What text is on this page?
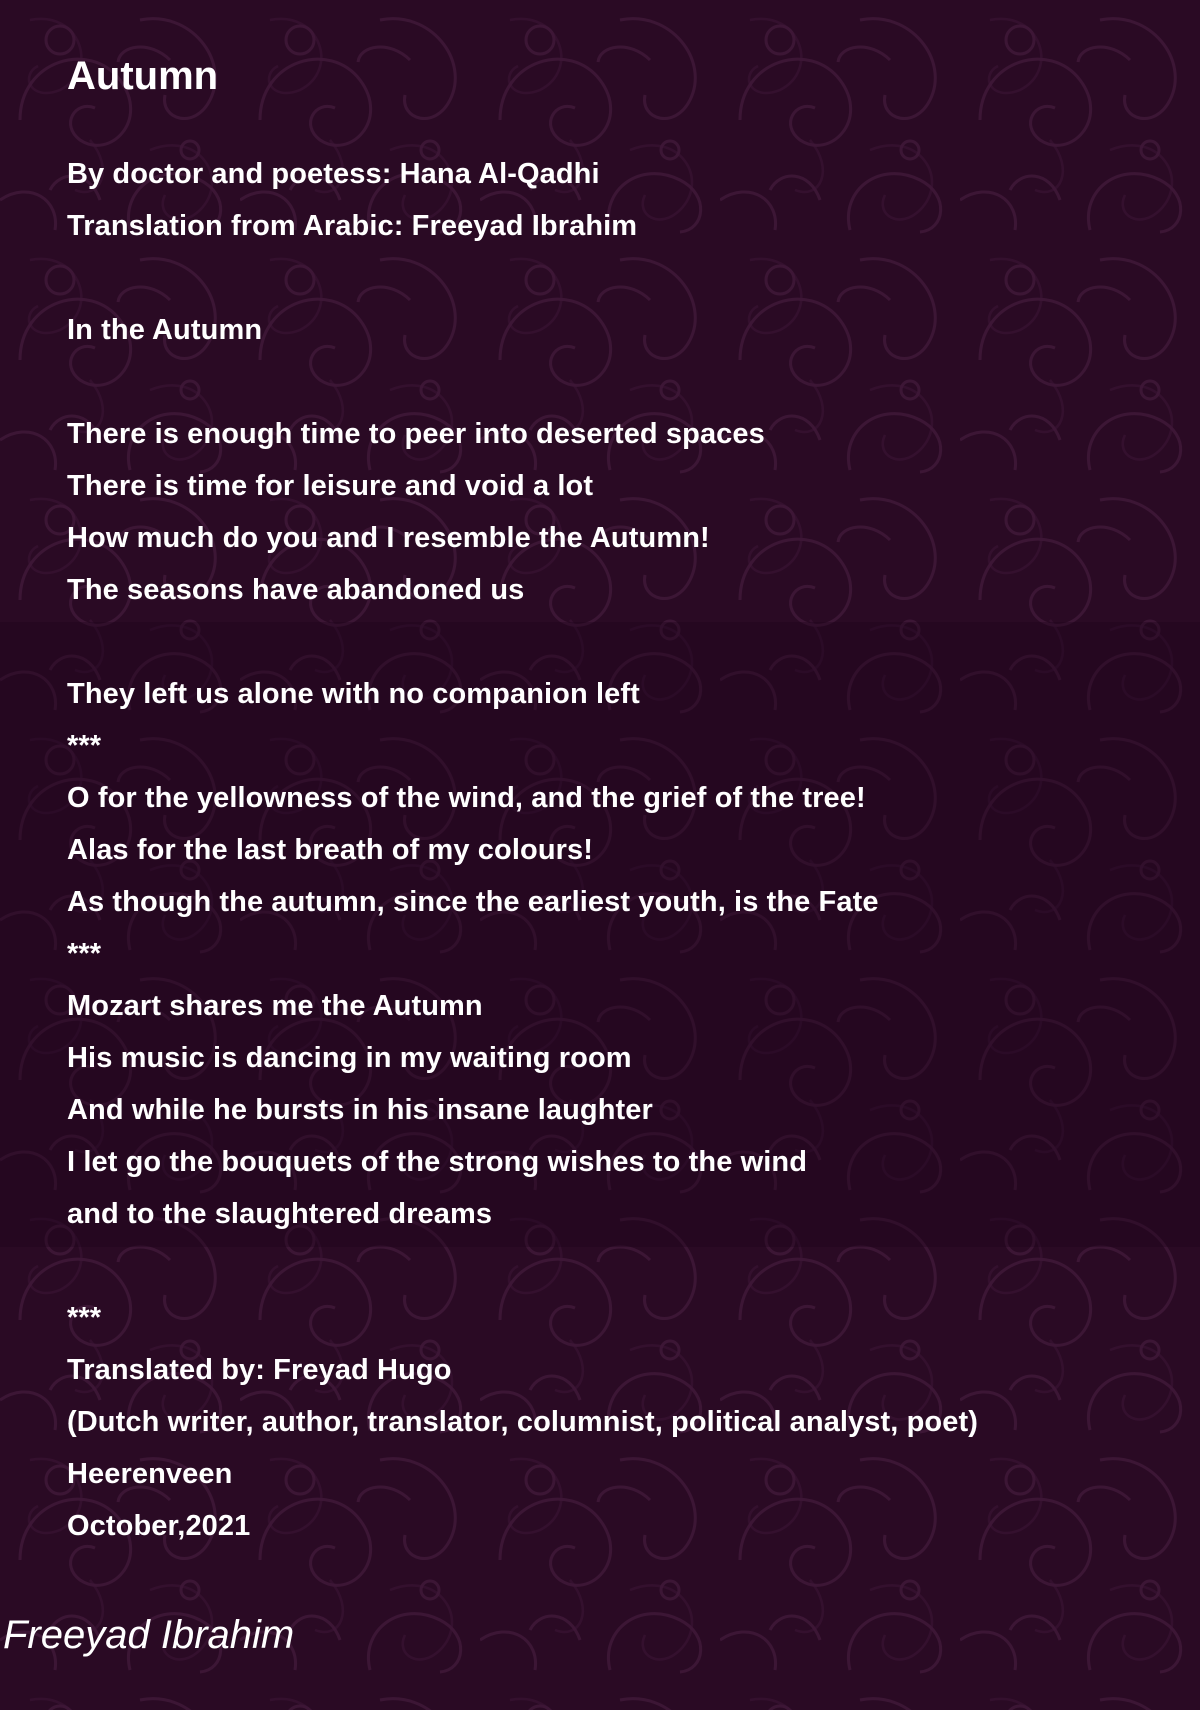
Autumn
By doctor and poetess: Hana Al-Qadhi
Translation from Arabic: Freeyad Ibrahim
In the Autumn
There is enough time to peer into deserted spaces
There is time for leisure and void a lot
How much do you and I resemble the Autumn!
The seasons have abandoned us
They left us alone with no companion left
***
O for the yellowness of the wind, and the grief of the tree!
Alas for the last breath of my colours!
As though the autumn, since the earliest youth, is the Fate
***
Mozart shares me the Autumn
His music is dancing in my waiting room
And while he bursts in his insane laughter
I let go the bouquets of the strong wishes to the wind
and to the slaughtered dreams
***
Translated by: Freyad Hugo
(Dutch writer, author, translator, columnist, political analyst, poet)
Heerenveen
October,2021
Freeyad Ibrahim
